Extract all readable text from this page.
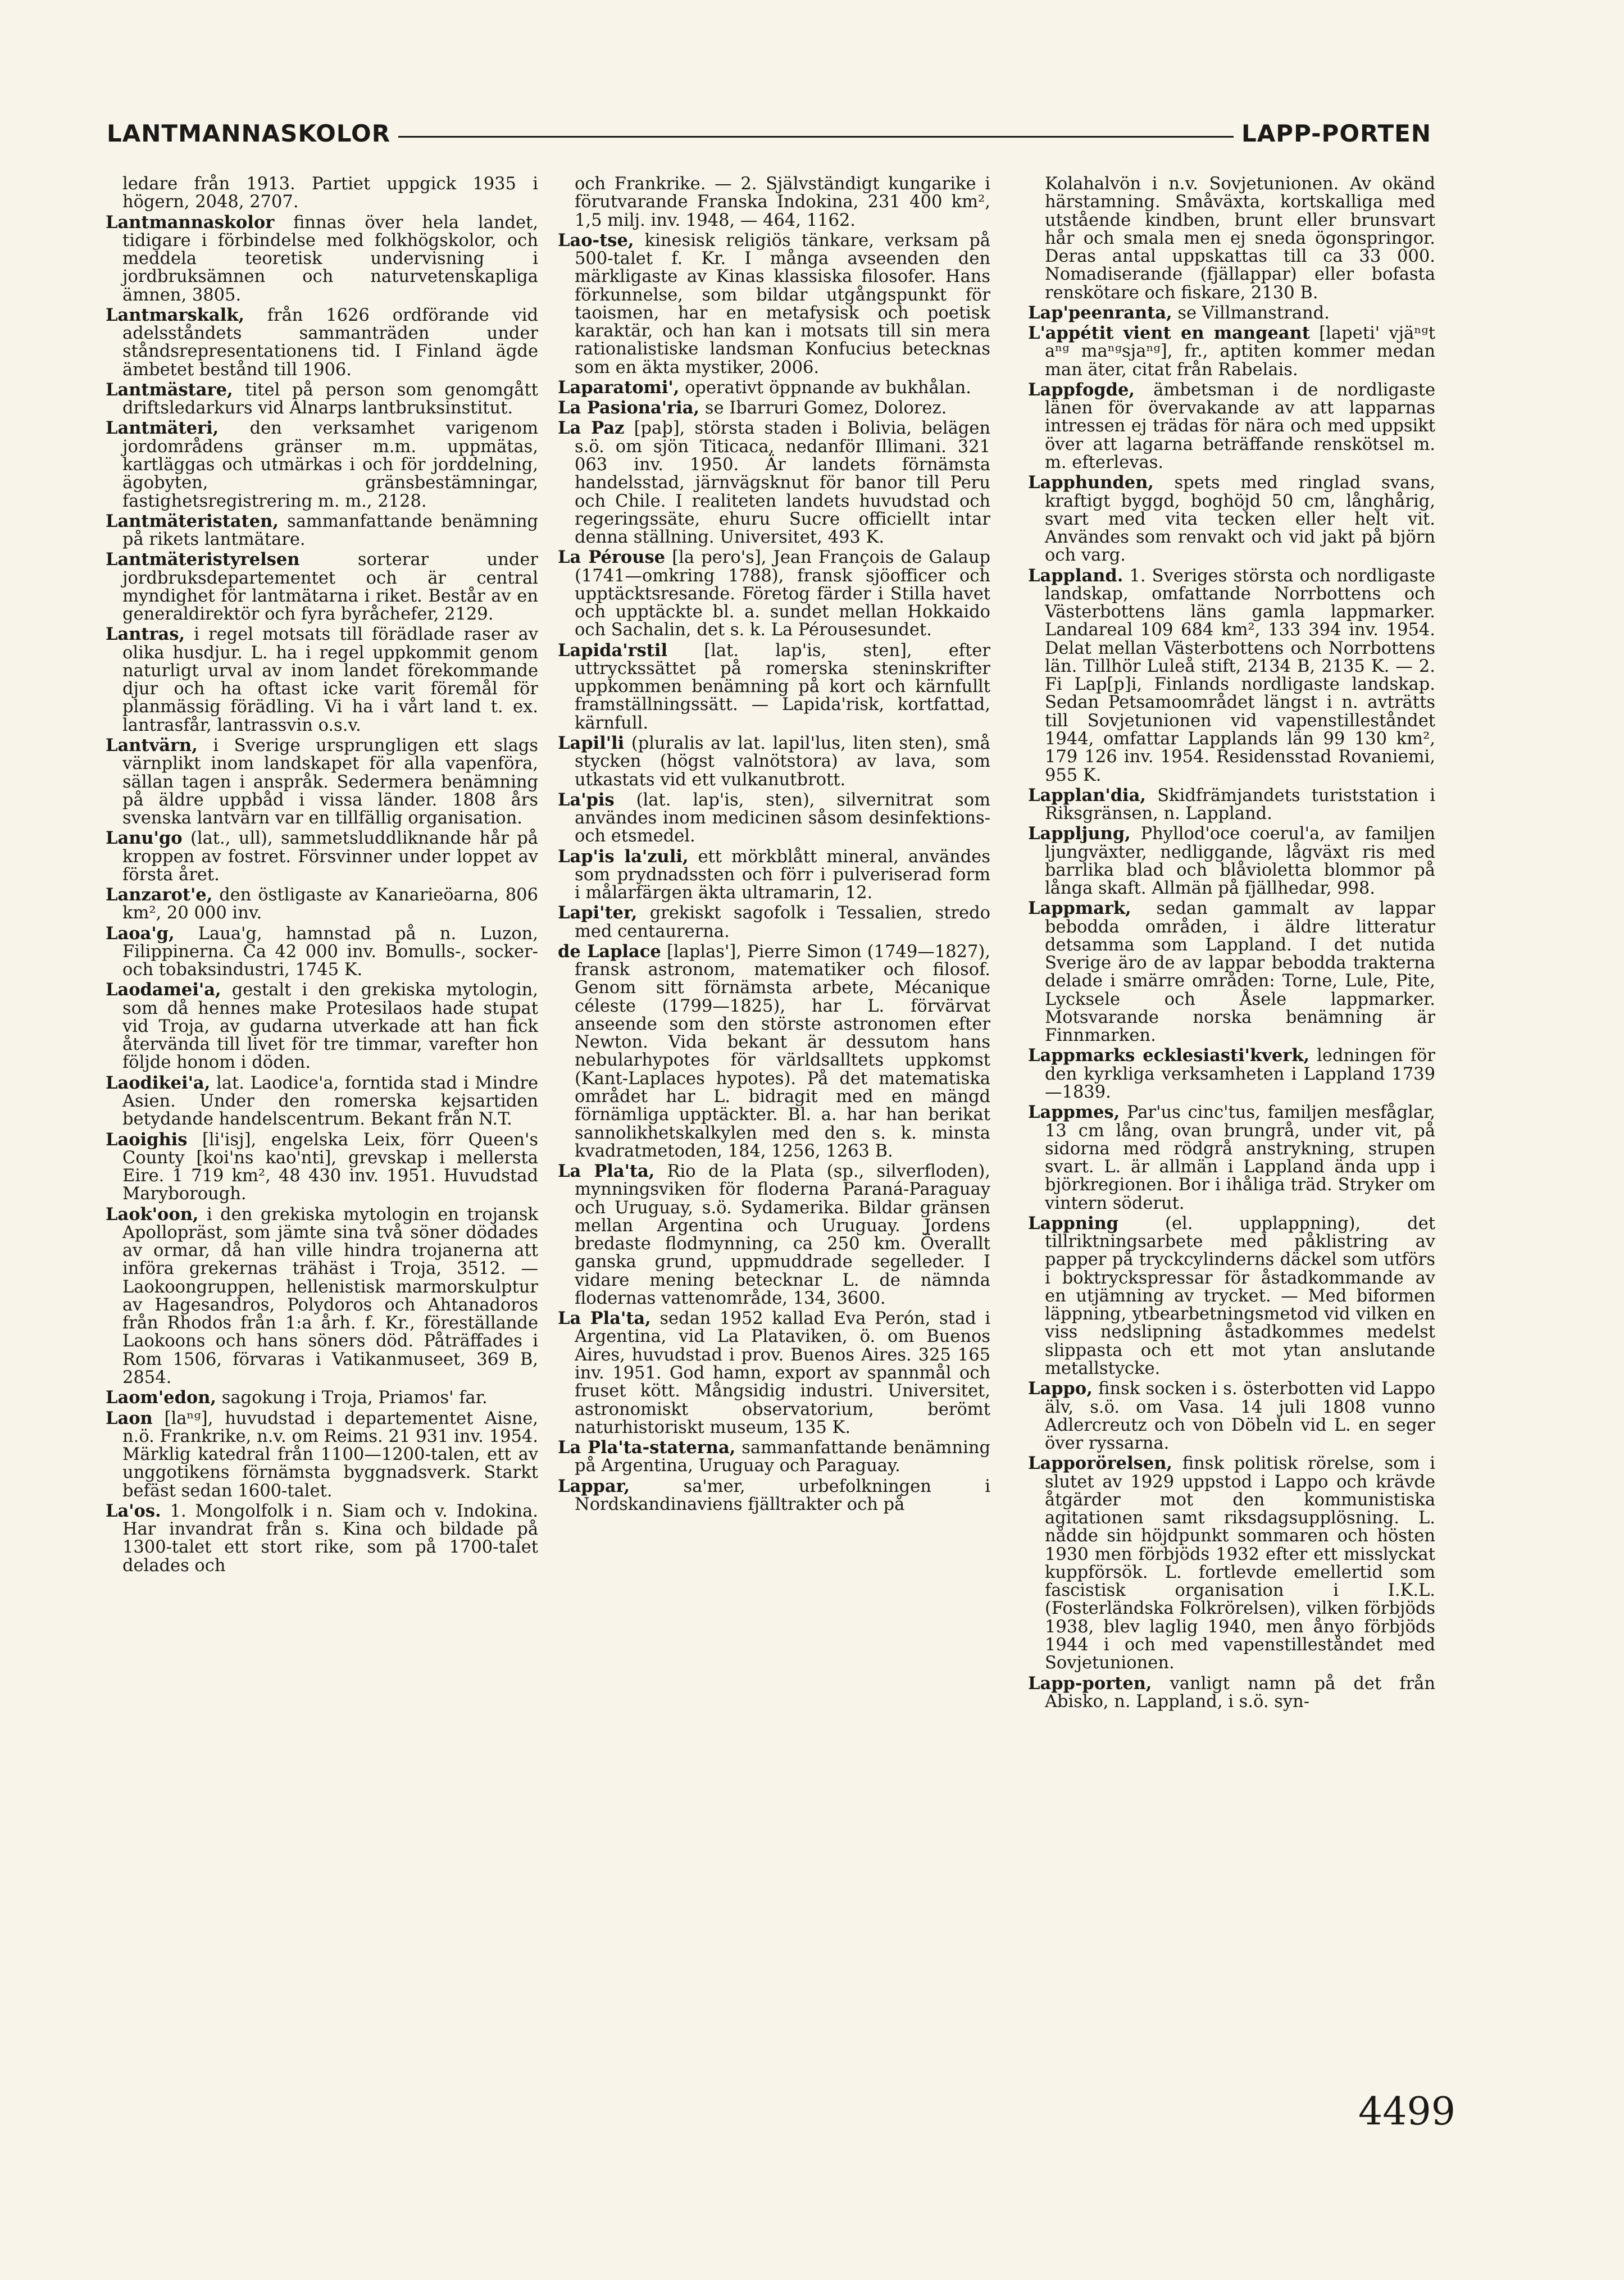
LANTMANNASKOLOR	LAPP-PORTEN

ledare från 1913. Partiet uppgick 1935 i högern, 2048, 2707.

Lantmannaskolor finnas över hela landet, tidigare i förbindelse med folkhögskolor, och meddela teoretisk undervisning i jordbruksämnen och naturvetenskapliga ämnen, 3805.

Lantmarskalk, från 1626 ordförande vid adelsståndets sammanträden under ståndsrepresentationens tid. I Finland ägde ämbetet bestånd till 1906.

Lantmästare, titel på person som genomgått driftsledarkurs vid Alnarps lantbruksinstitut.

Lantmäteri, den verksamhet varigenom jordområdens gränser m.m. uppmätas, kartläggas och utmärkas i och för jorddelning, ägobyten, gränsbestämningar, fastighetsregistrering m. m., 2128.

Lantmäteristaten, sammanfattande benämning på rikets lantmätare.

Lantmäteristyrelsen sorterar under jordbruksdepartementet och är central myndighet för lantmätarna i riket. Består av en generaldirektör och fyra byråchefer, 2129.

Lantras, i regel motsats till förädlade raser av olika husdjur. L. ha i regel uppkommit genom naturligt urval av inom landet förekommande djur och ha oftast icke varit föremål för planmässig förädling. Vi ha i vårt land t. ex. lantrasfår, lantrassvin o.s.v.

Lantvärn, i Sverige ursprungligen ett slags värnplikt inom landskapet för alla vapenföra, sällan tagen i anspråk. Sedermera benämning på äldre uppbåd i vissa länder. 1808 års svenska lantvärn var en tillfällig organisation.

Lanu'go (lat., ull), sammetsluddliknande hår på kroppen av fostret. Försvinner under loppet av första året.

Lanzarot'e, den östligaste av Kanarieöarna, 806 km², 20 000 inv.

Laoa'g, Laua'g, hamnstad på n. Luzon, Filippinerna. Ca 42 000 inv. Bomulls-, socker- och tobaksindustri, 1745 K.

Laodamei'a, gestalt i den grekiska mytologin, som då hennes make Protesilaos hade stupat vid Troja, av gudarna utverkade att han fick återvända till livet för tre timmar, varefter hon följde honom i döden.

Laodikei'a, lat. Laodice'a, forntida stad i Mindre Asien. Under den romerska kejsartiden betydande handelscentrum. Bekant från N.T.

Laoighis [li'isj], engelska Leix, förr Queen's County [koi'ns kao'nti], grevskap i mellersta Eire. 1 719 km², 48 430 inv. 1951. Huvudstad Maryborough.

Laok'oon, i den grekiska mytologin en trojansk Apollopräst, som jämte sina två söner dödades av ormar, då han ville hindra trojanerna att införa grekernas trähäst i Troja, 3512. — Laokoongruppen, hellenistisk marmorskulptur av Hagesandros, Polydoros och Ahtanadoros från Rhodos från 1:a årh. f. Kr., föreställande Laokoons och hans söners död. Påträffades i Rom 1506, förvaras i Vatikanmuseet, 369 B, 2854.

Laom'edon, sagokung i Troja, Priamos' far.

Laon [laⁿᵍ], huvudstad i departementet Aisne, n.ö. Frankrike, n.v. om Reims. 21 931 inv. 1954. Märklig katedral från 1100—1200-talen, ett av unggotikens förnämsta byggnadsverk. Starkt befäst sedan 1600-talet.

La'os. 1. Mongolfolk i n. Siam och v. Indokina. Har invandrat från s. Kina och bildade på 1300-talet ett stort rike, som på 1700-talet delades och

och Frankrike. — 2. Självständigt kungarike i förutvarande Franska Indokina, 231 400 km², 1,5 milj. inv. 1948, — 464, 1162.

Lao-tse, kinesisk religiös tänkare, verksam på 500-talet f. Kr. I många avseenden den märkligaste av Kinas klassiska filosofer. Hans förkunnelse, som bildar utgångspunkt för taoismen, har en metafysisk och poetisk karaktär, och han kan i motsats till sin mera rationalistiske landsman Konfucius betecknas som en äkta mystiker, 2006.

Laparatomi', operativt öppnande av bukhålan.

La Pasiona'ria, se Ibarruri Gomez, Dolorez.

La Paz [paþ], största staden i Bolivia, belägen s.ö. om sjön Titicaca, nedanför Illimani. 321 063 inv. 1950. Är landets förnämsta handelsstad, järnvägsknut för banor till Peru och Chile. I realiteten landets huvudstad och regeringssäte, ehuru Sucre officiellt intar denna ställning. Universitet, 493 K.

La Pérouse [la pero's], Jean François de Galaup (1741—omkring 1788), fransk sjöofficer och upptäcktsresande. Företog färder i Stilla havet och upptäckte bl. a. sundet mellan Hokkaido och Sachalin, det s. k. La Pérousesundet.

Lapida'rstil [lat. lap'is, sten], efter uttryckssättet på romerska steninskrifter uppkommen benämning på kort och kärnfullt framställningssätt. — Lapida'risk, kortfattad, kärnfull.

Lapil'li (pluralis av lat. lapil'lus, liten sten), små stycken (högst valnötstora) av lava, som utkastats vid ett vulkanutbrott.

La'pis (lat. lap'is, sten), silvernitrat som användes inom medicinen såsom desinfektions- och etsmedel.

Lap'is la'zuli, ett mörkblått mineral, användes som prydnadssten och förr i pulveriserad form i målarfärgen äkta ultramarin, 12.

Lapi'ter, grekiskt sagofolk i Tessalien, stredo med centaurerna.

de Laplace [laplas'], Pierre Simon (1749—1827), fransk astronom, matematiker och filosof. Genom sitt förnämsta arbete, Mécanique céleste (1799—1825), har L. förvärvat anseende som den störste astronomen efter Newton. Vida bekant är dessutom hans nebularhypotes för världsalltets uppkomst (Kant-Laplaces hypotes). På det matematiska området har L. bidragit med en mängd förnämliga upptäckter. Bl. a. har han berikat sannolikhetskalkylen med den s. k. minsta kvadratmetoden, 184, 1256, 1263 B.

La Pla'ta, Rio de la Plata (sp., silverfloden), mynningsviken för floderna Paraná-Paraguay och Uruguay, s.ö. Sydamerika. Bildar gränsen mellan Argentina och Uruguay. Jordens bredaste flodmynning, ca 250 km. Överallt ganska grund, uppmuddrade segelleder. I vidare mening betecknar L. de nämnda flodernas vattenområde, 134, 3600.

La Pla'ta, sedan 1952 kallad Eva Perón, stad i Argentina, vid La Plataviken, ö. om Buenos Aires, huvudstad i prov. Buenos Aires. 325 165 inv. 1951. God hamn, export av spannmål och fruset kött. Mångsidig industri. Universitet, astronomiskt observatorium, berömt naturhistoriskt museum, 135 K.

La Pla'ta-staterna, sammanfattande benämning på Argentina, Uruguay och Paraguay.

Lappar, sa'mer, urbefolkningen i Nordskandinaviens fjälltrakter och på

Kolahalvön i n.v. Sovjetunionen. Av okänd härstamning. Småväxta, kortskalliga med utstående kindben, brunt eller brunsvart hår och smala men ej sneda ögonspringor. Deras antal uppskattas till ca 33 000. Nomadiserande (fjällappar) eller bofasta renskötare och fiskare, 2130 B.

Lap'peenranta, se Villmanstrand.

L'appétit vient en mangeant [lapeti' vjäⁿᵍt aⁿᵍ maⁿᵍsjaⁿᵍ], fr., aptiten kommer medan man äter, citat från Rabelais.

Lappfogde, ämbetsman i de nordligaste länen för övervakande av att lapparnas intressen ej trädas för nära och med uppsikt över att lagarna beträffande renskötsel m. m. efterlevas.

Lapphunden, spets med ringlad svans, kraftigt byggd, boghöjd 50 cm, långhårig, svart med vita tecken eller helt vit. Användes som renvakt och vid jakt på björn och varg.

Lappland. 1. Sveriges största och nordligaste landskap, omfattande Norrbottens och Västerbottens läns gamla lappmarker. Landareal 109 684 km², 133 394 inv. 1954. Delat mellan Västerbottens och Norrbottens län. Tillhör Luleå stift, 2134 B, 2135 K. — 2. Fi Lap[p]i, Finlands nordligaste landskap. Sedan Petsamoområdet längst i n. avträtts till Sovjetunionen vid vapenstilleståndet 1944, omfattar Lapplands län 99 130 km², 179 126 inv. 1954. Residensstad Rovaniemi, 955 K.

Lapplan'dia, Skidfrämjandets turiststation i Riksgränsen, n. Lappland.

Lappljung, Phyllod'oce coerul'a, av familjen ljungväxter, nedliggande, lågväxt ris med barrlika blad och blåvioletta blommor på långa skaft. Allmän på fjällhedar, 998.

Lappmark, sedan gammalt av lappar bebodda områden, i äldre litteratur detsamma som Lappland. I det nutida Sverige äro de av lappar bebodda trakterna delade i smärre områden: Torne, Lule, Pite, Lycksele och Åsele lappmarker. Motsvarande norska benämning är Finnmarken.

Lappmarks ecklesiasti'kverk, ledningen för den kyrkliga verksamheten i Lappland 1739—1839.

Lappmes, Par'us cinc'tus, familjen mesfåglar, 13 cm lång, ovan brungrå, under vit, på sidorna med rödgrå anstrykning, strupen svart. L. är allmän i Lappland ända upp i björkregionen. Bor i ihåliga träd. Stryker om vintern söderut.

Lappning (el. upplappning), det tillriktningsarbete med påklistring av papper på tryckcylinderns däckel som utförs i boktryckspressar för åstadkommande av en utjämning av trycket. — Med biformen läppning, ytbearbetningsmetod vid vilken en viss nedslipning åstadkommes medelst slippasta och ett mot ytan anslutande metallstycke.

Lappo, finsk socken i s. österbotten vid Lappo älv, s.ö. om Vasa. 14 juli 1808 vunno Adlercreutz och von Döbeln vid L. en seger över ryssarna.

Lapporörelsen, finsk politisk rörelse, som i slutet av 1929 uppstod i Lappo och krävde åtgärder mot den kommunistiska agitationen samt riksdagsupplösning. L. nådde sin höjdpunkt sommaren och hösten 1930 men förbjöds 1932 efter ett misslyckat kuppförsök. L. fortlevde emellertid som fascistisk organisation i I.K.L. (Fosterländska Folkrörelsen), vilken förbjöds 1938, blev laglig 1940, men ånyo förbjöds 1944 i och med vapenstilleståndet med Sovjetunionen.

Lapp-porten, vanligt namn på det från Abisko, n. Lappland, i s.ö. syn-

4499
